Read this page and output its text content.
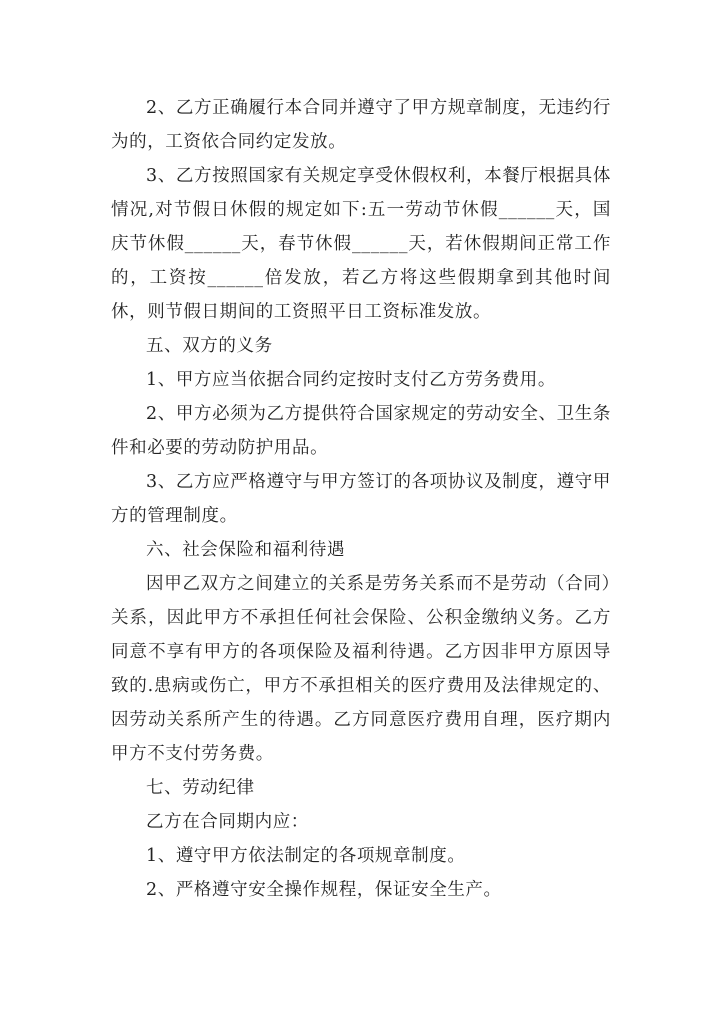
2、乙方正确履行本合同并遵守了甲方规章制度，无违约行为的，工资依合同约定发放。

3、乙方按照国家有关规定享受休假权利，本餐厅根据具体情况,对节假日休假的规定如下:五一劳动节休假______天，国庆节休假______天，春节休假______天，若休假期间正常工作的，工资按______倍发放，若乙方将这些假期拿到其他时间休，则节假日期间的工资照平日工资标准发放。

五、双方的义务

1、甲方应当依据合同约定按时支付乙方劳务费用。

2、甲方必须为乙方提供符合国家规定的劳动安全、卫生条件和必要的劳动防护用品。

3、乙方应严格遵守与甲方签订的各项协议及制度，遵守甲方的管理制度。

六、社会保险和福利待遇

因甲乙双方之间建立的关系是劳务关系而不是劳动（合同）关系，因此甲方不承担任何社会保险、公积金缴纳义务。乙方同意不享有甲方的各项保险及福利待遇。乙方因非甲方原因导致的.患病或伤亡，甲方不承担相关的医疗费用及法律规定的、因劳动关系所产生的待遇。乙方同意医疗费用自理，医疗期内甲方不支付劳务费。

七、劳动纪律

乙方在合同期内应：

1、遵守甲方依法制定的各项规章制度。

2、严格遵守安全操作规程，保证安全生产。
